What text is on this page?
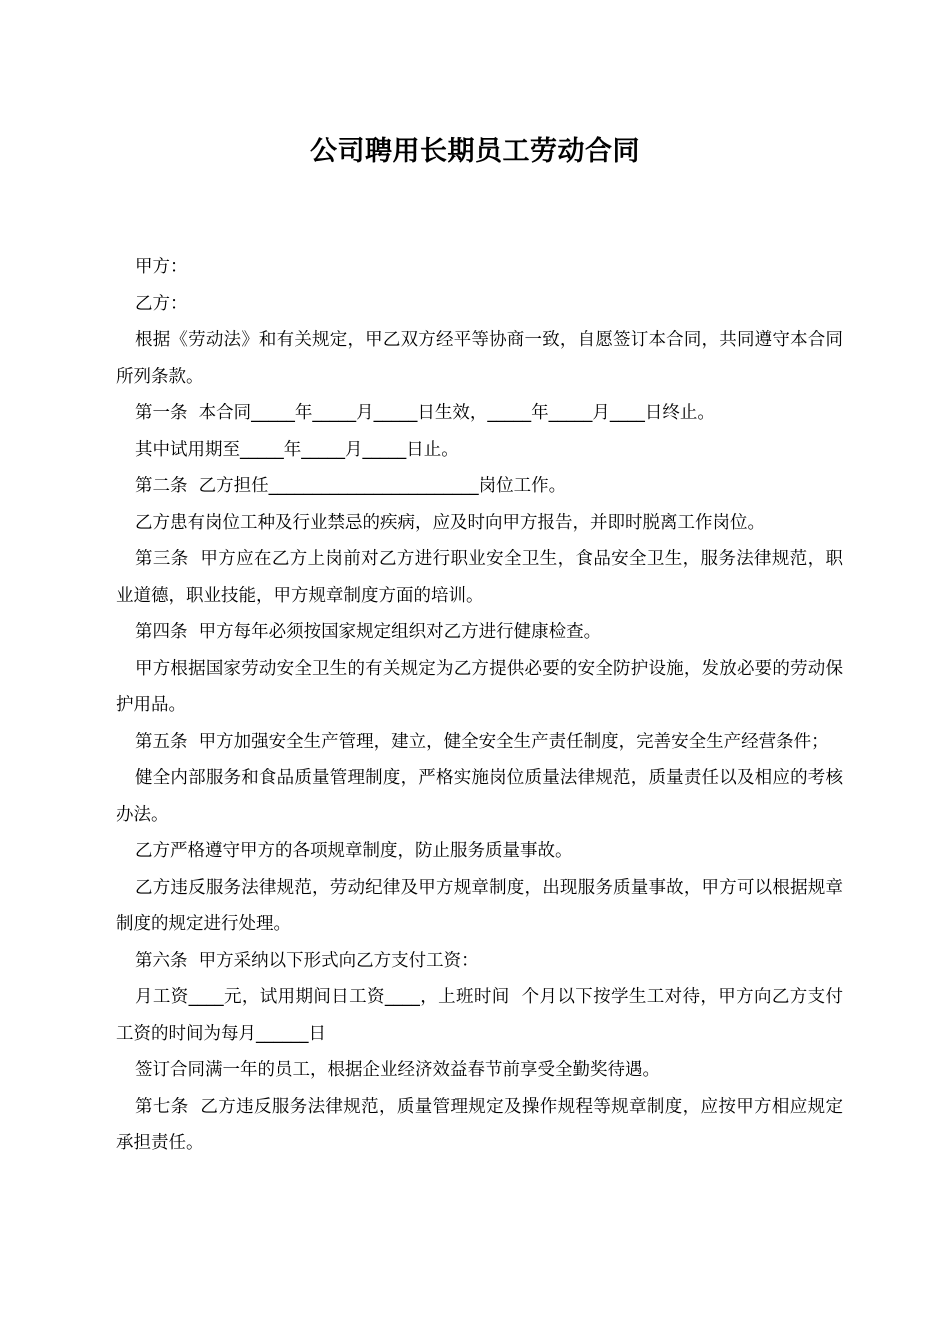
公司聘用长期员工劳动合同

甲方：

乙方：

根据《劳动法》和有关规定，甲乙双方经平等协商一致，自愿签订本合同，共同遵守本合同所列条款。

第一条  本合同_____年_____月_____日生效，_____年_____月____日终止。

其中试用期至_____年_____月_____日止。

第二条  乙方担任________________________岗位工作。

乙方患有岗位工种及行业禁忌的疾病，应及时向甲方报告，并即时脱离工作岗位。

第三条  甲方应在乙方上岗前对乙方进行职业安全卫生，食品安全卫生，服务法律规范，职业道德，职业技能，甲方规章制度方面的培训。

第四条  甲方每年必须按国家规定组织对乙方进行健康检查。

甲方根据国家劳动安全卫生的有关规定为乙方提供必要的安全防护设施，发放必要的劳动保护用品。

第五条  甲方加强安全生产管理，建立，健全安全生产责任制度，完善安全生产经营条件；

健全内部服务和食品质量管理制度，严格实施岗位质量法律规范，质量责任以及相应的考核办法。

乙方严格遵守甲方的各项规章制度，防止服务质量事故。

乙方违反服务法律规范，劳动纪律及甲方规章制度，出现服务质量事故，甲方可以根据规章制度的规定进行处理。

第六条  甲方采纳以下形式向乙方支付工资：

月工资____元，试用期间日工资____，上班时间  个月以下按学生工对待，甲方向乙方支付工资的时间为每月______日

签订合同满一年的员工，根据企业经济效益春节前享受全勤奖待遇。

第七条  乙方违反服务法律规范，质量管理规定及操作规程等规章制度，应按甲方相应规定承担责任。
